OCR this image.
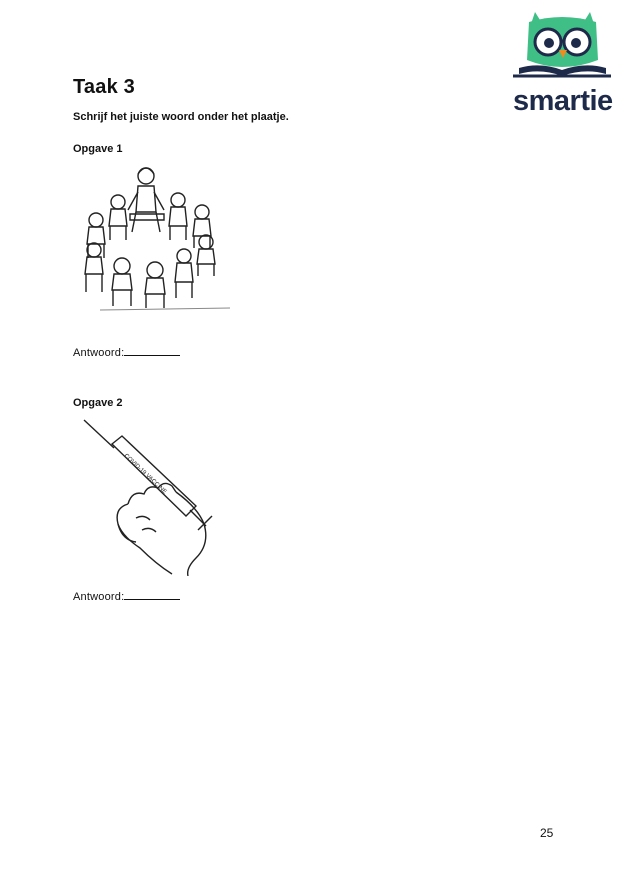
smartie
Taak 3
Schrijf het juiste woord onder het plaatje.
Opgave 1
Antwoord:
Opgave 2
COVID-19 VACCINE
Antwoord:
25
